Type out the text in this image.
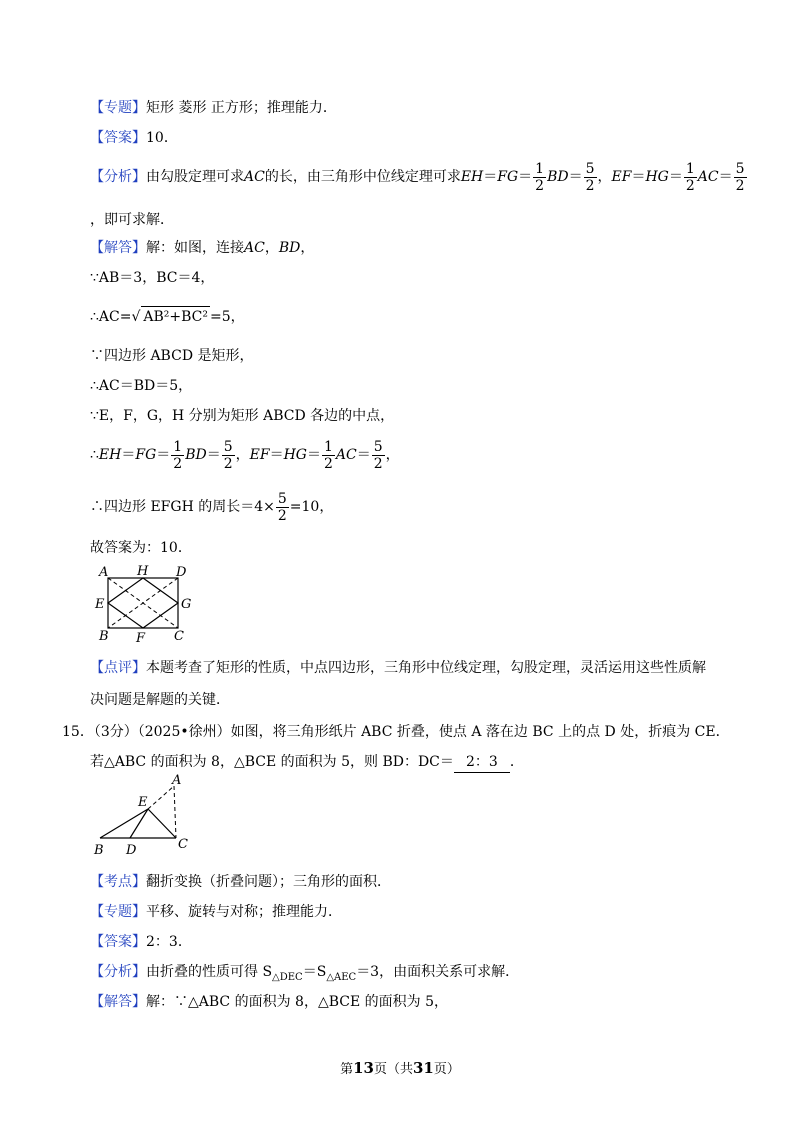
【专题】矩形 菱形 正方形；推理能力．
【答案】10．
【分析】由勾股定理可求AC的长，由三角形中位线定理可求$EH=FG= \frac{1}{2} BD= \frac{5}{2}$ ，$EF=HG= \frac{1}{2} AC= \frac{5}{2}$
，即可求解．
【解答】解：如图，连接AC，BD，
∵AB＝3，BC＝4，
∴AC=√ AB²+BC² =5，
∵四边形 ABCD 是矩形，
∴AC＝BD＝5，
∵E，F，G，H 分别为矩形 ABCD 各边的中点，
∴EH＝FG＝ $\frac{1}{2} BD= \frac{5}{2}$ ，$EF=HG= \frac{1}{2} AC= \frac{5}{2}$ ，
∴四边形 EFGH 的周长$=4\times \frac{5}{2} =10$，
故答案为：10．
A H D
E	G
B F C
【点评】本题考查了矩形的性质，中点四边形，三角形中位线定理，勾股定理，灵活运用这些性质解
决问题是解题的关键．
15．（3分）（2025•徐州）如图，将三角形纸片 ABC 折叠，使点 A 落在边 BC 上的点 D 处，折痕为 CE．
若△ABC 的面积为 8，△BCE 的面积为 5，则 BD：DC＝ 2：3 ．
A
E
B D	C
【考点】翻折变换（折叠问题）；三角形的面积．
【专题】平移、旋转与对称；推理能力．
【答案】2：3．
【分析】由折叠的性质可得 $S_{\triangle DEC}=S_{\triangle AEC}=3$，由面积关系可求解．
【解答】解：∵△ABC 的面积为 8，△BCE 的面积为 5，
第13页（共31页）
